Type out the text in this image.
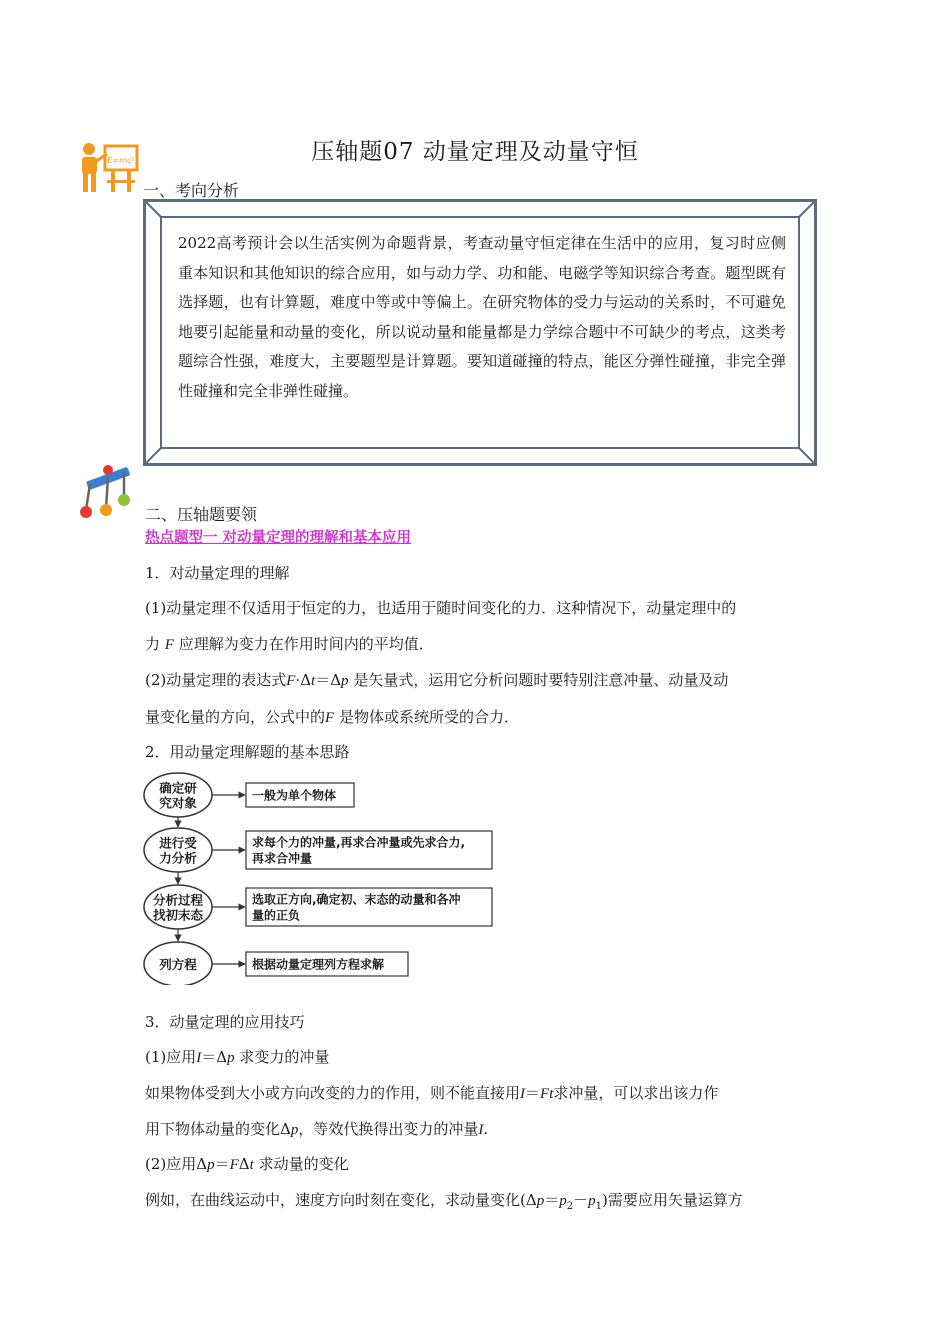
E=mc²	压轴题07 动量定理及动量守恒
一、考向分析
2022高考预计会以生活实例为命题背景，考查动量守恒定律在生活中的应用，复习时应侧重本知识和其他知识的综合应用，如与动力学、功和能、电磁学等知识综合考查。题型既有选择题，也有计算题，难度中等或中等偏上。在研究物体的受力与运动的关系时，不可避免地要引起能量和动量的变化，所以说动量和能量都是力学综合题中不可缺少的考点，这类考题综合性强，难度大，主要题型是计算题。要知道碰撞的特点，能区分弹性碰撞，非完全弹性碰撞和完全非弹性碰撞。
二、压轴题要领
热点题型一 对动量定理的理解和基本应用
1．对动量定理的理解
(1)动量定理不仅适用于恒定的力，也适用于随时间变化的力．这种情况下，动量定理中的
力 F 应理解为变力在作用时间内的平均值．
(2)动量定理的表达式F·Δt＝Δp 是矢量式，运用它分析问题时要特别注意冲量、动量及动
量变化量的方向，公式中的F 是物体或系统所受的合力．
2．用动量定理解题的基本思路
确定研
究对象	一般为单个物体
进行受
力分析
求每个力的冲量,再求合冲量或先求合力,
再求合冲量
分析过程
找初末态
选取正方向,确定初、末态的动量和各冲
量的正负
列方程	根据动量定理列方程求解
3．动量定理的应用技巧
(1)应用I＝Δp 求变力的冲量
如果物体受到大小或方向改变的力的作用，则不能直接用I＝Ft求冲量，可以求出该力作
用下物体动量的变化Δp，等效代换得出变力的冲量I.
(2)应用Δp＝FΔt 求动量的变化
例如，在曲线运动中，速度方向时刻在变化，求动量变化$(\Delta p=p_2-p_1)$需要应用矢量运算方
